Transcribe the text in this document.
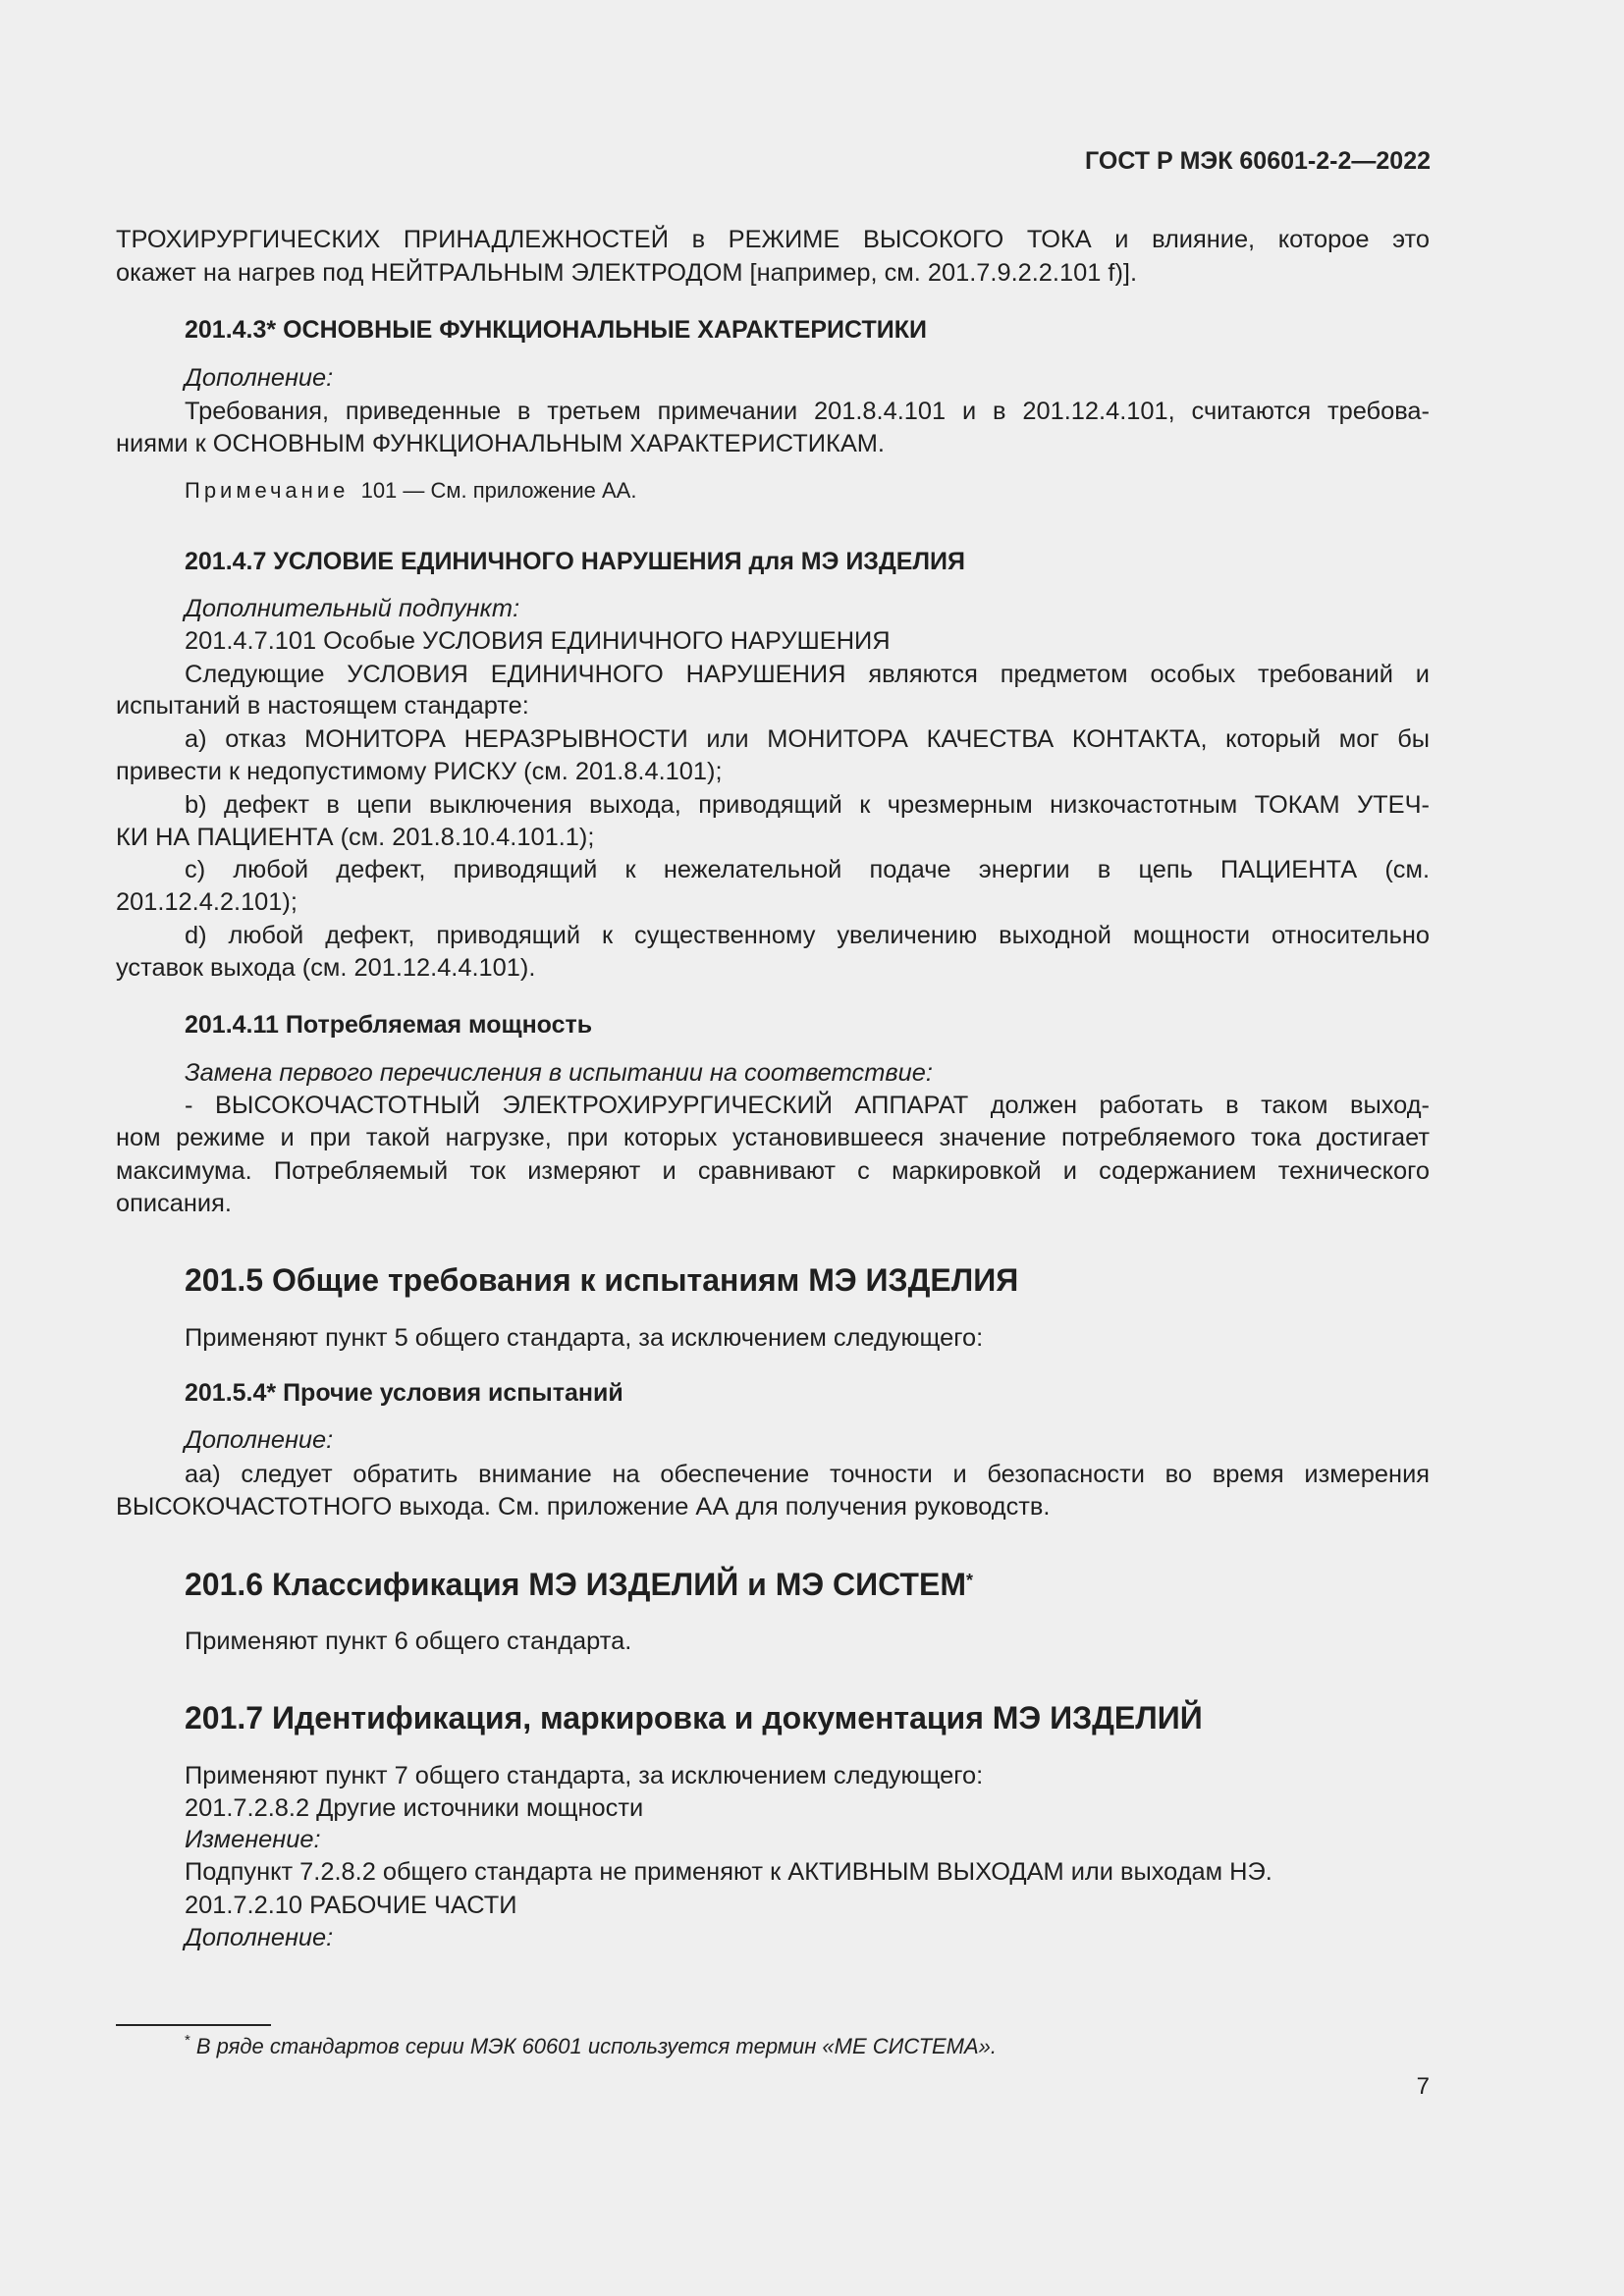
ГОСТ Р МЭК 60601-2-2—2022
ТРОХИРУРГИЧЕСКИХ ПРИНАДЛЕЖНОСТЕЙ в РЕЖИМЕ ВЫСОКОГО ТОКА и влияние, которое это
окажет на нагрев под НЕЙТРАЛЬНЫМ ЭЛЕКТРОДОМ [например, см. 201.7.9.2.2.101 f)].
201.4.3* ОСНОВНЫЕ ФУНКЦИОНАЛЬНЫЕ ХАРАКТЕРИСТИКИ
Дополнение:
Требования, приведенные в третьем примечании 201.8.4.101 и в 201.12.4.101, считаются требова-
ниями к ОСНОВНЫМ ФУНКЦИОНАЛЬНЫМ ХАРАКТЕРИСТИКАМ.
Примечание 101 — См. приложение АА.
201.4.7 УСЛОВИЕ ЕДИНИЧНОГО НАРУШЕНИЯ для МЭ ИЗДЕЛИЯ
Дополнительный подпункт:
201.4.7.101 Особые УСЛОВИЯ ЕДИНИЧНОГО НАРУШЕНИЯ
Следующие УСЛОВИЯ ЕДИНИЧНОГО НАРУШЕНИЯ являются предметом особых требований и
испытаний в настоящем стандарте:
a) отказ МОНИТОРА НЕРАЗРЫВНОСТИ или МОНИТОРА КАЧЕСТВА КОНТАКТА, который мог бы
привести к недопустимому РИСКУ (см. 201.8.4.101);
b) дефект в цепи выключения выхода, приводящий к чрезмерным низкочастотным ТОКАМ УТЕЧ-
КИ НА ПАЦИЕНТА (см. 201.8.10.4.101.1);
c) любой дефект, приводящий к нежелательной подаче энергии в цепь ПАЦИЕНТА (см.
201.12.4.2.101);
d) любой дефект, приводящий к существенному увеличению выходной мощности относительно
уставок выхода (см. 201.12.4.4.101).
201.4.11 Потребляемая мощность
Замена первого перечисления в испытании на соответствие:
- ВЫСОКОЧАСТОТНЫЙ ЭЛЕКТРОХИРУРГИЧЕСКИЙ АППАРАТ должен работать в таком выход-
ном режиме и при такой нагрузке, при которых установившееся значение потребляемого тока достигает
максимума. Потребляемый ток измеряют и сравнивают с маркировкой и содержанием технического
описания.
201.5 Общие требования к испытаниям МЭ ИЗДЕЛИЯ
Применяют пункт 5 общего стандарта, за исключением следующего:
201.5.4* Прочие условия испытаний
Дополнение:
aa) следует обратить внимание на обеспечение точности и безопасности во время измерения
ВЫСОКОЧАСТОТНОГО выхода. См. приложение АА для получения руководств.
201.6 Классификация МЭ ИЗДЕЛИЙ и МЭ СИСТЕМ*
Применяют пункт 6 общего стандарта.
201.7 Идентификация, маркировка и документация МЭ ИЗДЕЛИЙ
Применяют пункт 7 общего стандарта, за исключением следующего:
201.7.2.8.2 Другие источники мощности
Изменение:
Подпункт 7.2.8.2 общего стандарта не применяют к АКТИВНЫМ ВЫХОДАМ или выходам НЭ.
201.7.2.10 РАБОЧИЕ ЧАСТИ
Дополнение:
* В ряде стандартов серии МЭК 60601 используется термин «МЕ СИСТЕМА».
7
